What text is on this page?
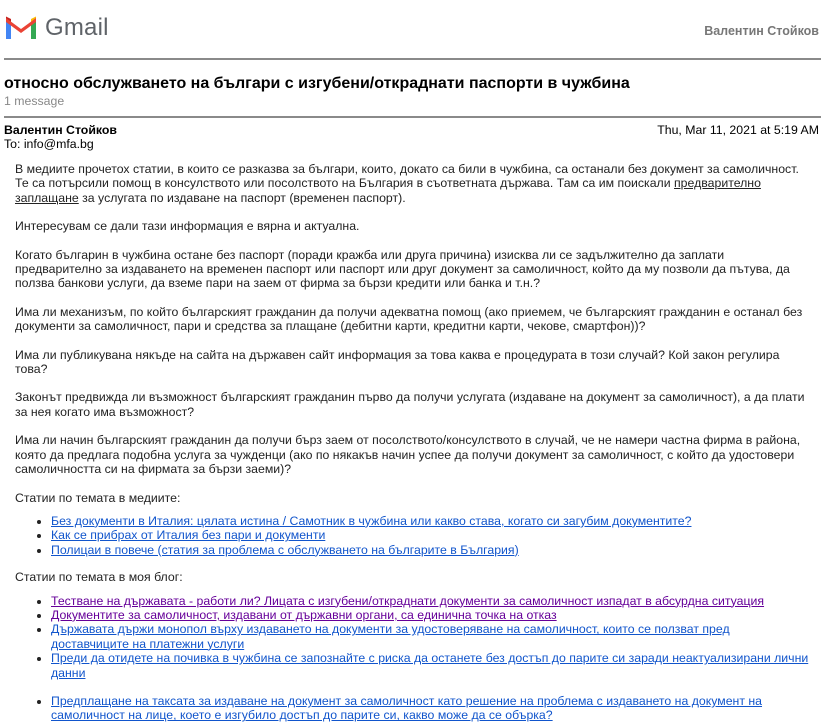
Gmail	Валентин Стойков
относно обслужването на българи с изгубени/откраднати паспорти в чужбина
1 message
Валентин Стойков
To: info@mfa.bg
Thu, Mar 11, 2021 at 5:19 AM

В медиите прочетох статии, в които се разказва за българи, които, докато са били в чужбина, са останали без документ за самоличност. Те са потърсили помощ в консулството или посолството на България в съответната държава. Там са им поискали предварително заплащане за услугата по издаване на паспорт (временен паспорт).

Интересувам се дали тази информация е вярна и актуална.

Когато българин в чужбина остане без паспорт (поради кражба или друга причина) изисква ли се задължително да заплати предварително за издаването на временен паспорт или паспорт или друг документ за самоличност, който да му позволи да пътува, да ползва банкови услуги, да вземе пари на заем от фирма за бързи кредити или банка и т.н.?

Има ли механизъм, по който българският гражданин да получи адекватна помощ (ако приемем, че българският гражданин е останал без документи за самоличност, пари и средства за плащане (дебитни карти, кредитни карти, чекове, смартфон))?

Има ли публикувана някъде на сайта на държавен сайт информация за това каква е процедурата в този случай? Кой закон регулира това?

Законът предвижда ли възможност българският гражданин първо да получи услугата (издаване на документ за самоличност), а да плати за нея когато има възможност?

Има ли начин българският гражданин да получи бърз заем от посолството/консулството в случай, че не намери частна фирма в района, която да предлага подобна услуга за чужденци (ако по някакъв начин успее да получи документ за самоличност, с който да удостовери самоличността си на фирмата за бързи заеми)?

Статии по темата в медиите:

• Без документи в Италия: цялата истина / Самотник в чужбина или какво става, когато си загубим документите?
• Как се прибрах от Италия без пари и документи
• Полицаи в повече (статия за проблема с обслужването на българите в България)

Статии по темата в моя блог:

• Тестване на държавата - работи ли? Лицата с изгубени/откраднати документи за самоличност изпадат в абсурдна ситуация
• Документите за самоличност, издавани от държавни органи, са единична точка на отказ
• Държавата държи монопол върху издаването на документи за удостоверяване на самоличност, които се ползват пред доставчиците на платежни услуги
• Преди да отидете на почивка в чужбина се запознайте с риска да останете без достъп до парите си заради неактуализирани лични данни
• Предплащане на таксата за издаване на документ за самоличност като решение на проблема с издаването на документ на самоличност на лице, което е изгубило достъп до парите си, какво може да се обърка?
